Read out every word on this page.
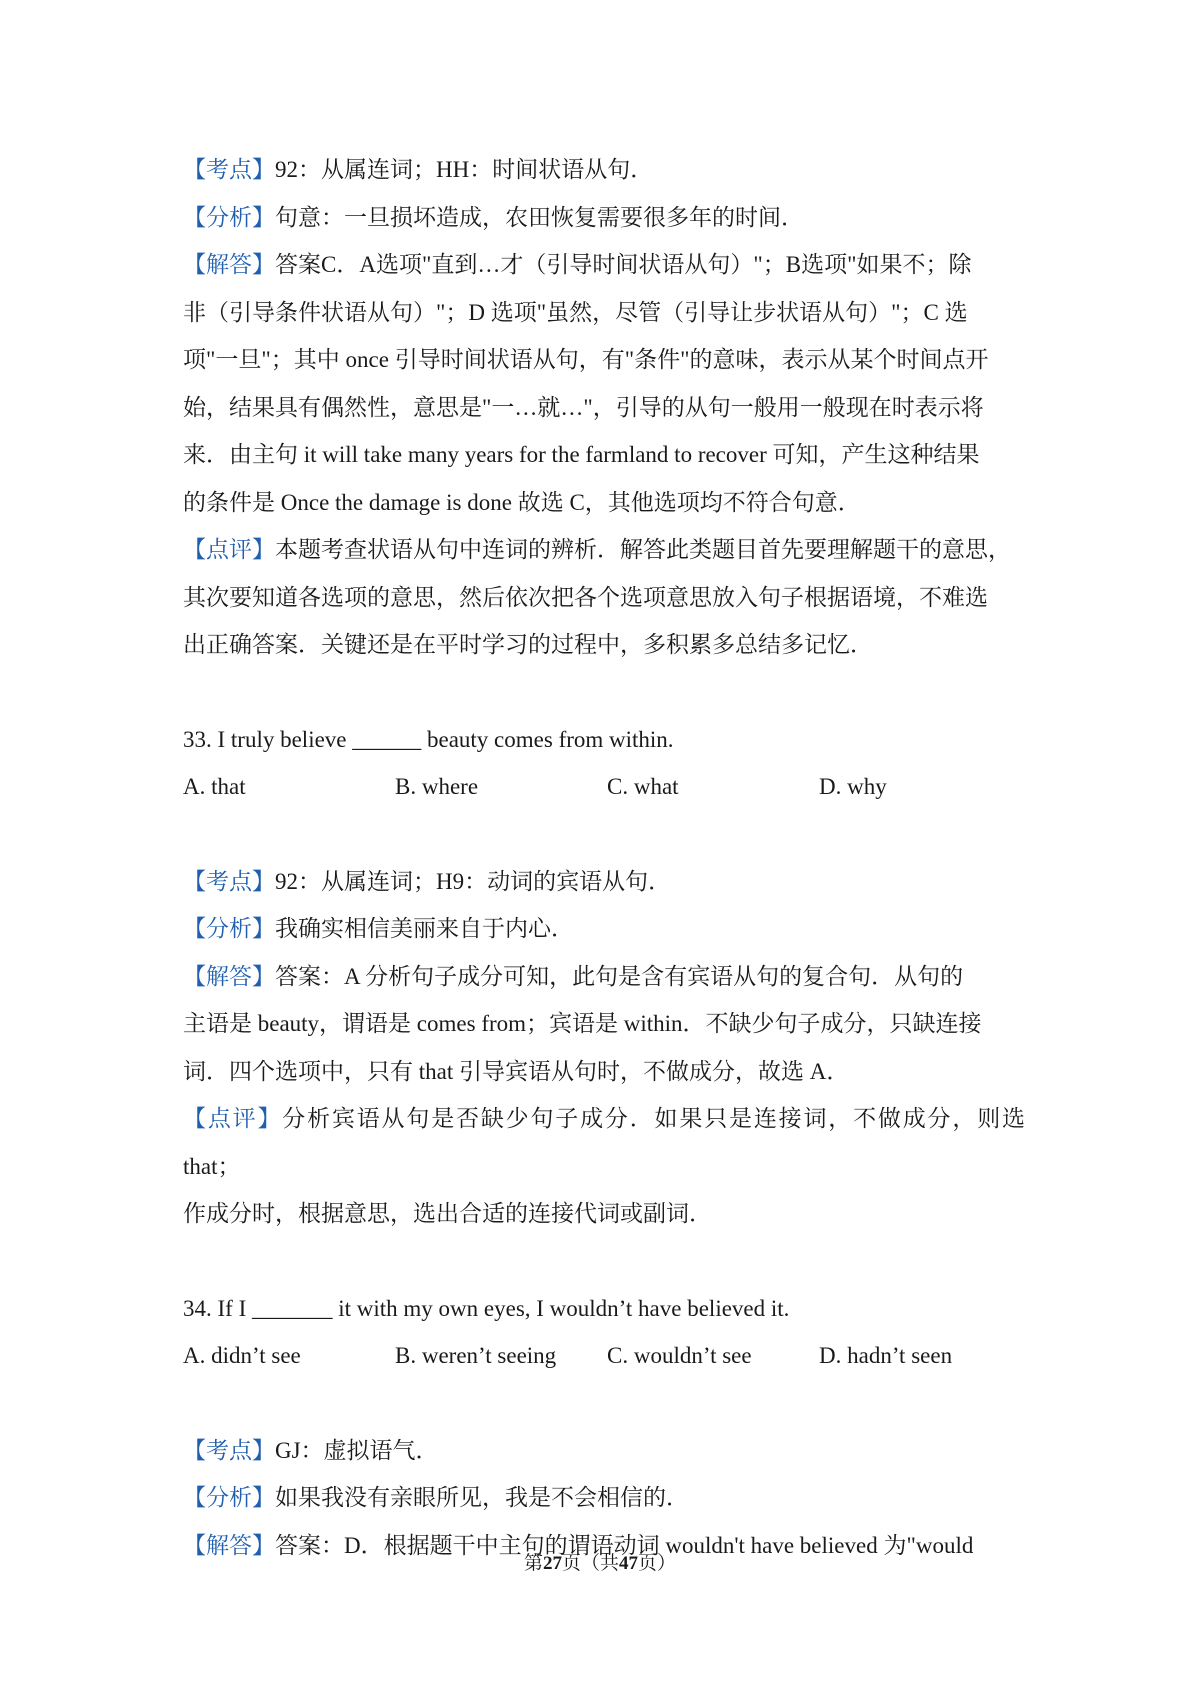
【考点】92：从属连词；HH：时间状语从句．

【分析】句意：一旦损坏造成，农田恢复需要很多年的时间．

【解答】答案C．A选项"直到…才（引导时间状语从句）"；B选项"如果不；除

非（引导条件状语从句）"；D 选项"虽然，尽管（引导让步状语从句）"；C 选

项"一旦"；其中 once 引导时间状语从句，有"条件"的意味，表示从某个时间点开

始，结果具有偶然性，意思是"一…就…"，引导的从句一般用一般现在时表示将

来．由主句 it will take many years for the farmland to recover 可知，产生这种结果

的条件是 Once the damage is done 故选 C，其他选项均不符合句意．

【点评】本题考查状语从句中连词的辨析．解答此类题目首先要理解题干的意思，

其次要知道各选项的意思，然后依次把各个选项意思放入句子根据语境，不难选

出正确答案．关键还是在平时学习的过程中，多积累多总结多记忆．

33. I truly believe ______ beauty comes from within.

A. that	B. where	C. what	D. why

【考点】92：从属连词；H9：动词的宾语从句．

【分析】我确实相信美丽来自于内心．

【解答】答案：A 分析句子成分可知，此句是含有宾语从句的复合句．从句的

主语是 beauty，谓语是 comes from；宾语是 within．不缺少句子成分，只缺连接

词．四个选项中，只有 that 引导宾语从句时，不做成分，故选 A．

【点评】分析宾语从句是否缺少句子成分．如果只是连接词，不做成分，则选 that；

作成分时，根据意思，选出合适的连接代词或副词．

34. If I _______ it with my own eyes, I wouldn’t have believed it.

A. didn’t see	B. weren’t seeing	C. wouldn’t see	D. hadn’t seen

【考点】GJ：虚拟语气．

【分析】如果我没有亲眼所见，我是不会相信的．

【解答】答案：D．根据题干中主句的谓语动词 wouldn't have believed 为"would

第27页（共47页）
